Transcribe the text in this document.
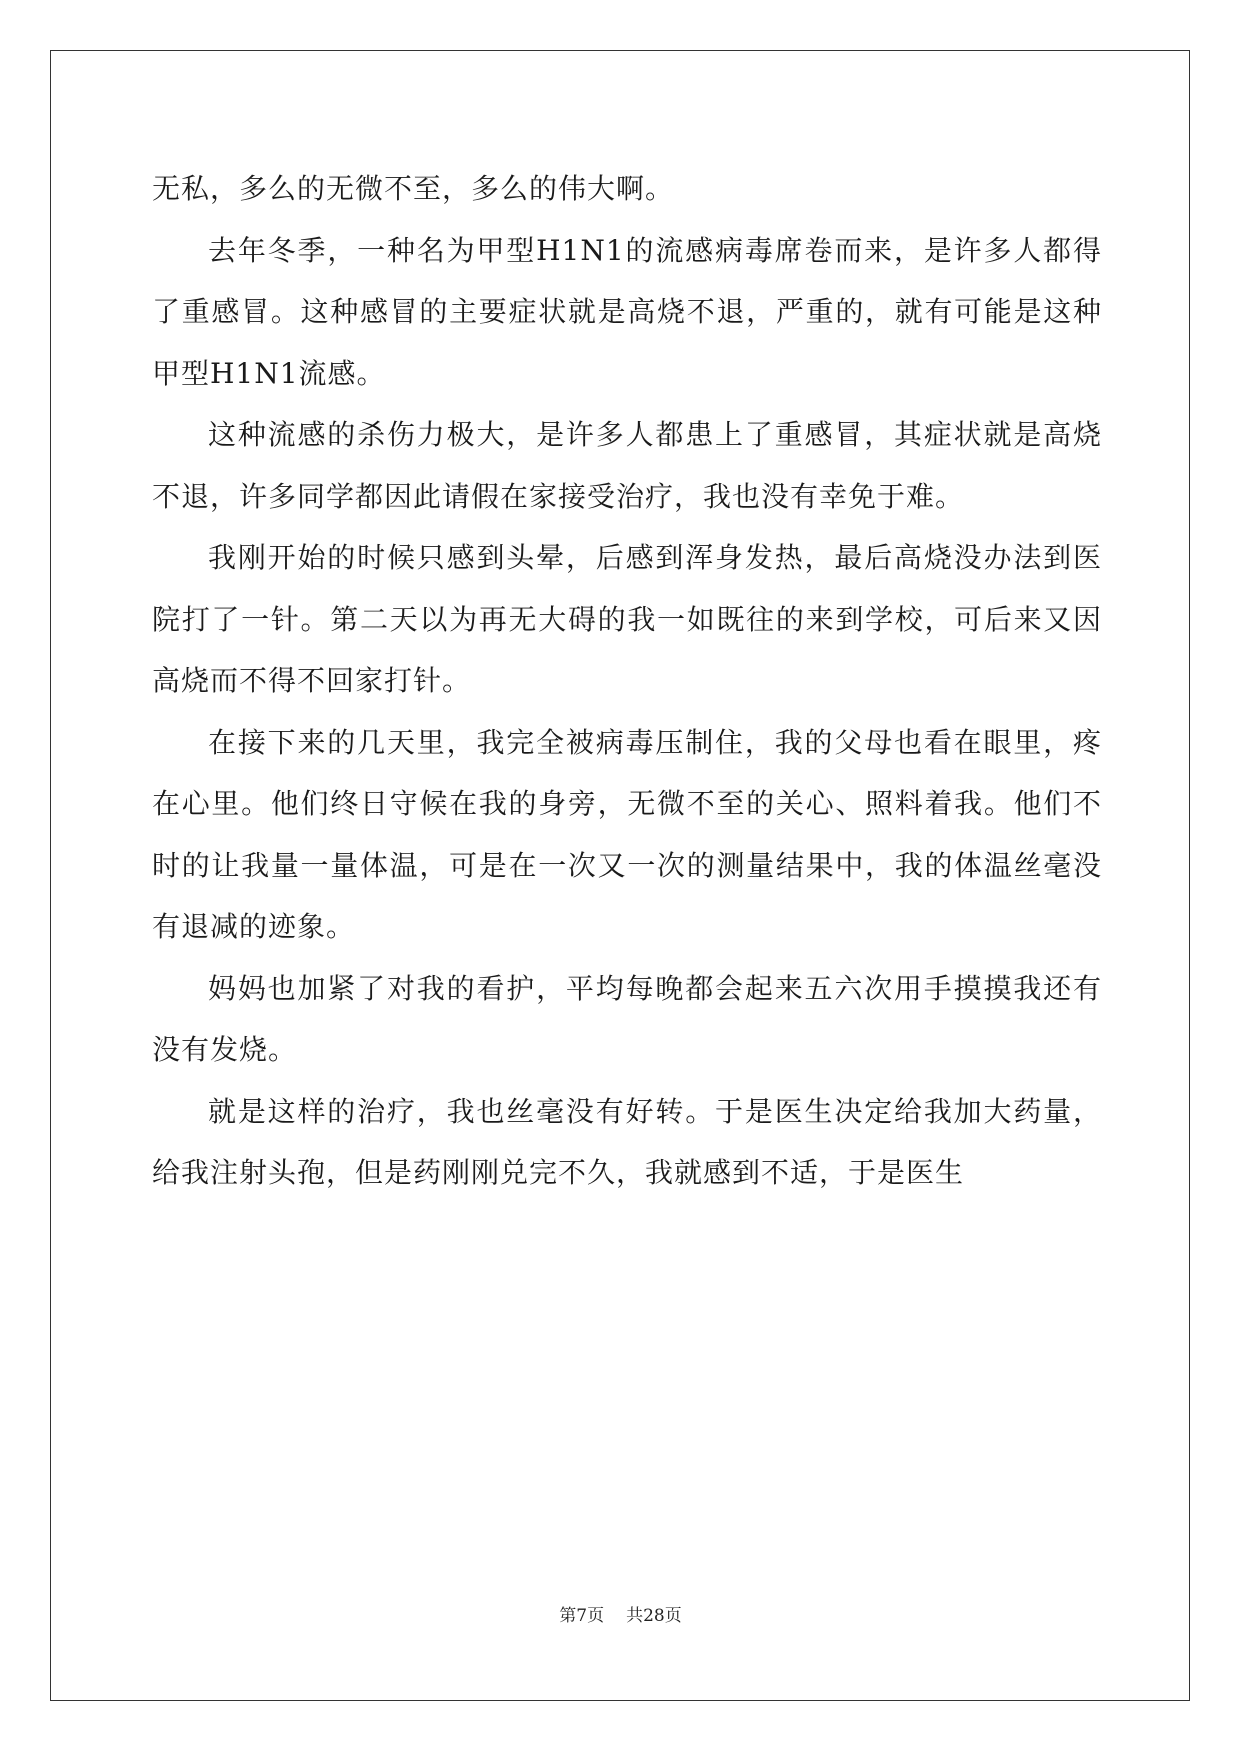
无私，多么的无微不至，多么的伟大啊。

去年冬季，一种名为甲型H1N1的流感病毒席卷而来，是许多人都得了重感冒。这种感冒的主要症状就是高烧不退，严重的，就有可能是这种甲型H1N1流感。

这种流感的杀伤力极大，是许多人都患上了重感冒，其症状就是高烧不退，许多同学都因此请假在家接受治疗，我也没有幸免于难。

我刚开始的时候只感到头晕，后感到浑身发热，最后高烧没办法到医院打了一针。第二天以为再无大碍的我一如既往的来到学校，可后来又因高烧而不得不回家打针。

在接下来的几天里，我完全被病毒压制住，我的父母也看在眼里，疼在心里。他们终日守候在我的身旁，无微不至的关心、照料着我。他们不时的让我量一量体温，可是在一次又一次的测量结果中，我的体温丝毫没有退减的迹象。

妈妈也加紧了对我的看护，平均每晚都会起来五六次用手摸摸我还有没有发烧。

就是这样的治疗，我也丝毫没有好转。于是医生决定给我加大药量，给我注射头孢，但是药刚刚兑完不久，我就感到不适，于是医生

第7页 共28页
